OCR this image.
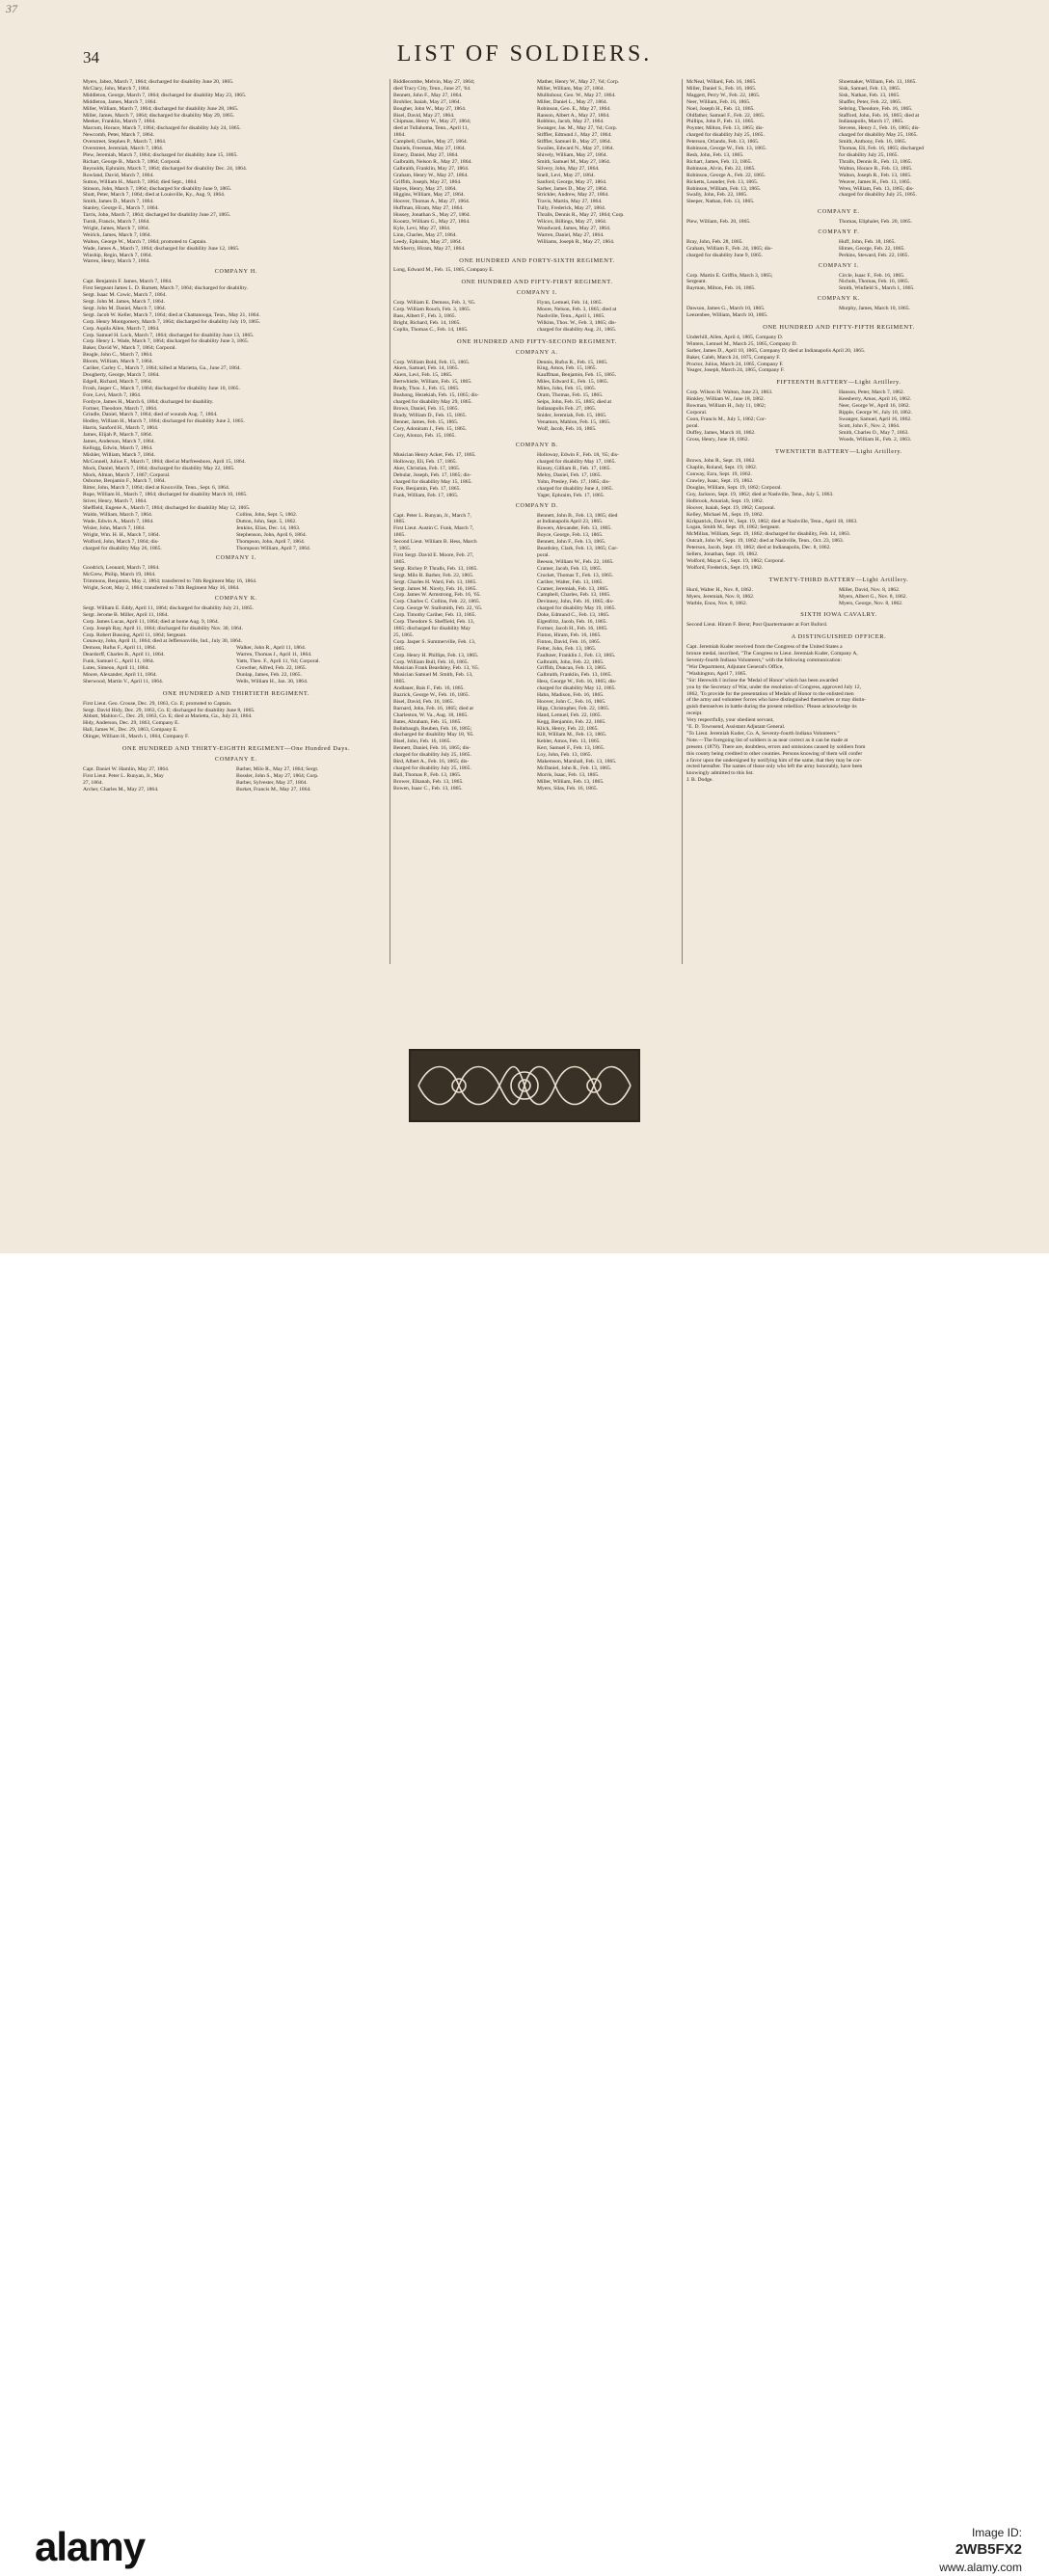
37
34	LIST OF SOLDIERS.

Myers, Jabez, March 7, 1864; discharged for disability June 20, 1865.

McClary, John, March 7, 1864.

Middleton, George, March 7, 1864; discharged for disability May 23, 1865.

Middleton, James, March 7, 1864.

Miller, William, March 7, 1864; discharged for disability June 28, 1865.

Miller, James, March 7, 1864; discharged for disability May 29, 1865.

Meeker, Franklin, March 7, 1864.

Marcum, Horace, March 7, 1864; discharged for disability July 24, 1865.

Newcomb, Peter, March 7, 1864.

Overstreet, Stephen P., March 7, 1864.

Overstreet, Jeremiah, March 7, 1864.

Plew, Jeremiah, March 7, 1864; discharged for disability June 15, 1865.

Richart, George B., March 7, 1864; Corporal.

Reynolds, Ephraim, March 7, 1864; discharged for disability Dec. 24, 1864.

Rowland, David, March 7, 1864.

Sutton, William H., March 7, 1864; died Sept., 1864.

Stinson, John, March 7, 1864; discharged for disability June 9, 1865.

Shutt, Peter, March 7, 1864; died at Louisville, Ky., Aug. 9, 1864.

Smith, James D., March 7, 1864.

Stanley, George E., March 7, 1864.

Tarris, John, March 7, 1864; discharged for disability June 27, 1865.

Turnh, Francis, March 7, 1864.

Wright, James, March 7, 1864.

Weirick, James, March 7, 1864.

Walton, George W., March 7, 1864; promoted to Captain.

Wade, James A., March 7, 1864; discharged for disability June 12, 1865.

Winship, Regin, March 7, 1864.

Warren, Henry, March 7, 1864.

COMPANY H.

Capt. Benjamin F. James, March 7, 1864.

First Sergeant James L. D. Barnett, March 7, 1864; discharged for disability.

Sergt. Isaac M. Cowic, March 7, 1864.

Sergt. John M. James, March 7, 1864.

Sergt. John M. Daniel, March 7, 1864.

Sergt. Jacob W. Keller, March 7, 1864; died at Chattanooga, Tenn., May 21, 1864.

Corp. Henry Montgomery, March 7, 1864; discharged for disability July 19, 1865.

Corp. Aquila Allen, March 7, 1864.

Corp. Samuel H. Lock, March 7, 1864; discharged for disability June 13, 1865.

Corp. Henry L. Wade, March 7, 1864; discharged for disability June 3, 1865.

Baker, David W., March 7, 1864; Corporal.

Beagle, John C., March 7, 1864.

Bloom, William, March 7, 1864.

Cariher, Carley C., March 7, 1864; killed at Marietta, Ga., June 27, 1864.

Dougherty, George, March 7, 1864.

Edgell, Richard, March 7, 1864.

Frosh, Jasper C., March 7, 1864; discharged for disability June 10, 1865.

Fore, Levi, March 7, 1864.

Fordyce, James H., March 6, 1864; discharged for disability.

Fortner, Theodore, March 7, 1864.

Grindle, Daniel, March 7, 1864; died of wounds Aug. 7, 1864.

Hodley, William H., March 7, 1864; discharged for disability June 2, 1865.

Harris, Sanford H., March 7, 1864.

James, Elijah P., March 7, 1864.

James, Anderson, March 7, 1864.

Kellogg, Edwin, March 7, 1864.

Mishler, William, March 7, 1864.

McConnell, Julius F., March 7, 1864; died at Murfreesboro, April 15, 1864.

Mock, Daniel, March 7, 1864; discharged for disability May 22, 1865.

Mock, Alman, March 7, 1867; Corporal.

Osborne, Benjamin F., March 7, 1864.

Ritter, John, March 7, 1864; died at Knoxville, Tenn., Sept. 6, 1864.

Rupe, William H., March 7, 1864; discharged for disability March 10, 1865.

Stiver, Henry, March 7, 1864.

Sheffield, Eugene A., March 7, 1864; discharged for disability May 12, 1865.

Waldo, William, March 7, 1864.	Collins, John, Sept. 5, 1862.

Wade, Edwin A., March 7, 1864.	Dutton, John, Sept. 5, 1862.

Wisler, John, March 7, 1864.	Jenkins, Elias, Dec. 14, 1863.

Wright, Wm. H. H., March 7, 1864.	Stephenson, John, April 6, 1864.

Wolford, John, March 7, 1864; dis-	Thompson, John, April 7, 1864.

charged for disability May 26, 1865.	Thompson William, April 7, 1864.

COMPANY I.

Goodrich, Leonard, March 7, 1864.

McGrew, Philip, March 19, 1864.

Trimmons, Benjamin, May 2, 1864; transferred to 74th Regiment May 16, 1864.

Wright, Scott, May 2, 1864; transferred to 74th Regiment May 16, 1864.

COMPANY K.

Sergt. William E. Eddy, April 11, 1864; discharged for disability July 21, 1865.

Sergt. Jerome B. Miller, April 11, 1864.

Corp. James Lucas, April 11, 1864; died at home Aug. 9, 1864.

Corp. Joseph Ray, April 11, 1864; discharged for disability Nov. 30, 1864.

Corp. Robert Bussing, April 11, 1864; Sergeant.

Conaway, John, April 11, 1864; died at Jeffersonville, Ind., July 30, 1864.

Demoss, Rufus F., April 11, 1864.	Walker, John R., April 11, 1864.

Deardorff, Charles B., April 11, 1864.	Warren, Thomas J., April 11, 1864.

Funk, Samuel C., April 11, 1864.	Yatts, Theo. F., April 11, '64; Corporal.

Lutes, Simeon, April 11, 1864.	Crowther, Alfred, Feb. 22, 1865.

Moore, Alexander, April 11, 1864.	Dunlap, James, Feb. 22, 1865.

Sherwood, Martin V., April 11, 1864.	Wells, William H., Jan. 30, 1864.

ONE HUNDRED AND THIRTIETH REGIMENT.

First Lieut. Geo. Crouse, Dec. 29, 1863, Co. E; promoted to Captain.

Sergt. David Hidy, Dec. 29, 1863, Co. E; discharged for disability June 8, 1865.

Abbott, Mahlon C., Dec. 29, 1863, Co. E; died at Marietta, Ga., July 23, 1864.

Hidy, Anderson, Dec. 29, 1863, Company E.

Hall, James W., Dec. 29, 1863, Company E.

Olinger, William H., March 1, 1864, Company F.

ONE HUNDRED AND THIRTY-EIGHTH REGIMENT—One Hundred Days.

COMPANY E.

Capt. Daniel W. Hamlin, May 27, 1864.	Barber, Milo R., May 27, 1864; Sergt.

First Lieut. Peter L. Runyan, Jr., May	Bossler, John S., May 27, 1864; Corp.

27, 1864.	Barber, Sylvester, May 27, 1864.

Archer, Charles M., May 27, 1864.	Burket, Francis M., May 27, 1864.

Biddlecombe, Melvin, May 27, 1864;	Mather, Henry W., May 27, '64; Corp.

died Tracy City, Tenn., June 27, '64.	Miller, William, May 27, 1864.

Bennett, John F., May 27, 1864.	Mullinhour, Geo. W., May 27, 1864.

Brohlier, Isaiah, May 27, 1864.	Miller, Daniel L., May 27, 1864.

Bougher, John W., May 27, 1864.	Robinson, Geo. E., May 27, 1864.

Bisel, David, May 27, 1864.	Ranson, Albert A., May 27, 1864.

Chipman, Henry W., May 27, 1864;	Robbins, Jacob, May 27, 1864.

died at Tullahoma, Tenn., April 11,	Swanger, Jas. M., May 27, '64; Corp.

1864.	Stiffler, Edmund J., May 27, 1864.

Campbell, Charles, May 27, 1864.	Stiffler, Samuel B., May 27, 1864.

Daniels, Freeman, May 27, 1864.	Swailes, Edward N., May 27, 1864.

Emery, Daniel, May 27, 1864.	Shively, William, May 27, 1864.

Galbraith, Nelson R., May 27, 1864.	Smith, Samuel M., May 27, 1864.

Galbraith, Franklin, May 27, 1864.	Silvery, John, May 27, 1864.

Graham, Henry W., May 27, 1864.	Snell, Levi, May 27, 1864.

Griffith, Joseph, May 27, 1864.	Sanford, George, May 27, 1864.

Hayes, Henry, May 27, 1864.	Sarber, James D., May 27, 1864.

Higgins, William, May 27, 1864.	Strickler, Andrew, May 27, 1864.

Hoover, Thomas A., May 27, 1864.	Travis, Martin, May 27, 1864.

Huffman, Hiram, May 27, 1864.	Tully, Frederick, May 27, 1864.

Hussey, Jonathan S., May 27, 1864.	Thralls, Dennis R., May 27, 1864; Corp.

Koontz, William G., May 27, 1864.	Wilcox, Billings, May 27, 1864.

Kyle, Levi, May 27, 1864.	Woodward, James, May 27, 1864.

Linn, Charles, May 27, 1864.	Warren, Daniel, May 27, 1864.

Leedy, Ephraim, May 27, 1864.	Williams, Joseph R., May 27, 1864.

McSherry, Hiram, May 27, 1864.

ONE HUNDRED AND FORTY-SIXTH REGIMENT.

Long, Edward M., Feb. 15, 1865, Company E.

ONE HUNDRED AND FIFTY-FIRST REGIMENT.

COMPANY I.

Corp. William E. Demoss, Feb. 3, '65.	Flynn, Lemuel, Feb. 14, 1865.

Corp. William Rouch, Feb. 3, 1865.	Moore, Nelson, Feb. 3, 1865; died at

Bass, Albert F., Feb. 3, 1865.	Nashville, Tenn., April 1, 1865.

Bright, Richard, Feb. 14, 1865.	Wilkins, Thos. W., Feb. 3, 1865; dis-

Coplin, Thomas C., Feb. 14, 1865.	charged for disability Aug. 21, 1865.

ONE HUNDRED AND FIFTY-SECOND REGIMENT.

COMPANY A.

Corp. William Bold, Feb. 15, 1865.	Dennis, Rufus R., Feb. 15, 1865.

Akers, Samuel, Feb. 14, 1865.	King, Amos, Feb. 15, 1865.

Akers, Levi, Feb. 15, 1865.	Kauffman, Benjamin, Feb. 15, 1865.

Bertwhistle, William, Feb. 15, 1865.	Miles, Edward E., Feb. 15, 1865.

Brady, Thos. J., Feb. 15, 1865.	Miles, John, Feb. 15, 1865.

Bushong, Hezekiah, Feb. 15, 1865; dis-	Oram, Thomas, Feb. 15, 1865.

charged for disability May 29, 1865.	Seips, John, Feb. 15, 1865; died at

Brown, Daniel, Feb. 15, 1865.	Indianapolis Feb. 27, 1865.

Brady, William D., Feb. 15, 1865.	Snider, Jeremiah, Feb. 15, 1865.

Benner, James, Feb. 15, 1865.	Venamon, Mahlon, Feb. 15, 1865.

Cory, Adoniram J., Feb. 15, 1865.	Wolf, Jacob, Feb. 16, 1865.

Cory, Alonzo, Feb. 15, 1865.

COMPANY B.

Musician Henry Acker, Feb. 17, 1865.	Holloway, Edwin F., Feb. 18, '65; dis-

Holloway, Eli, Feb. 17, 1865.	charged for disability May 17, 1865.

Aker, Christian, Feb. 17, 1865.	Kinsey, Gilliam R., Feb. 17, 1865.

Debular, Joseph, Feb. 17, 1865; dis-	Meloy, Daniel, Feb. 17, 1865.

charged for disability May 15, 1865.	Yohn, Presley, Feb. 17, 1865; dis-

Fore, Benjamin, Feb. 17, 1865.	charged for disability June 4, 1865.

Funk, William, Feb. 17, 1865.	Yager, Ephraim, Feb. 17, 1865.

COMPANY D.

Capt. Peter L. Runyan, Jr., March 7,	Bennett, John B., Feb. 13, 1865; died

1865.	at Indianapolis April 23, 1865.

First Lieut. Austin C. Funk, March 7,	Bowers, Alexander, Feb. 13, 1865.

1865.	Boyce, George, Feb. 13, 1865.

Second Lieut. William B. Hess, March	Bennett, John F., Feb. 13, 1865.

7, 1865.	Beardsley, Clark, Feb. 13, 1865; Cor-

First Sergt. David E. Moore, Feb. 27,	poral.

1865.	Beeson, William W., Feb. 22, 1865.

Sergt. Richey P. Thralls, Feb. 13, 1865.	Cramer, Jacob, Feb. 13, 1865.

Sergt. Milo R. Barber, Feb. 22, 1865.	Crocket, Thomas T., Feb. 13, 1865.

Sergt. Charles H. Ward, Feb. 13, 1865.	Cariher, Walter, Feb. 13, 1865.

Sergt. James M. Nicely, Feb. 16, 1865.	Cramer, Jeremiah, Feb. 13, 1865.

Corp. James W. Armstrong, Feb. 16, '65.	Campbell, Charles, Feb. 13, 1865.

Corp. Charles C. Collins, Feb. 22, 1865.	Devinney, John, Feb. 16, 1865; dis-

Corp. George W. Stallsmith, Feb. 22, '65.	charged for disability May 19, 1865.

Corp. Timothy Cariher, Feb. 13, 1865.	Doke, Edmund C., Feb. 13, 1865.

Corp. Theodore S. Sheffield, Feb. 13,	Elgenfritz, Jacob, Feb. 16, 1865.

1865; discharged for disability May	Fortner, Jacob H., Feb. 16, 1865.

25, 1865.	Finton, Hiram, Feb. 16, 1865.

Corp. Jasper S. Summerville, Feb. 13,	Finton, David, Feb. 16, 1865.

1865.	Felter, John, Feb. 13, 1865.

Corp. Henry H. Phillips, Feb. 13, 1865.	Faulkner, Franklin J., Feb. 13, 1865.

Corp. William Bull, Feb. 16, 1865.	Galbraith, John, Feb. 22, 1865.

Musician Frank Beardsley, Feb. 13, '65.	Griffith, Duncan, Feb. 13, 1865.

Musician Samuel M. Smith, Feb. 13,	Galbraith, Franklin, Feb. 13, 1865.

1865.	Hess, George W., Feb. 16, 1865; dis-

Andlauer, Bais F., Feb. 16, 1865.	charged for disability May 12, 1865.

Bazrick, George W., Feb. 16, 1865.	Hahn, Madison, Feb. 16, 1865.

Bisel, David, Feb. 16, 1865.	Hoover, John C., Feb. 16, 1865.

Barnard, John, Feb. 16, 1865; died at	Hipp, Christopher, Feb. 22, 1865.

Charleston, W. Va., Aug. 18, 1865.	Hand, Lemuel, Feb. 22, 1865.

Bates, Abraham, Feb. 15, 1865.	Kegg, Benjamin, Feb. 22, 1865.

Bolinbaugh, Reuben, Feb. 16, 1865;	Klick, Henry, Feb. 22, 1865.

discharged for disability May 18, '65.	Kill, William M., Feb. 13, 1865.

Bisel, John, Feb. 16, 1865.	Kebler, Amos, Feb. 13, 1865.

Bennett, Daniel, Feb. 16, 1865; dis-	Kerr, Samuel F., Feb. 13, 1865.

charged for disability July 25, 1865.	Loy, John, Feb. 13, 1865.

Bird, Albert A., Feb. 16, 1865; dis-	Makemson, Marshall, Feb. 13, 1865.

charged for disability July 25, 1865.	McDaniel, John R., Feb. 13, 1865.

Ball, Thomas P., Feb. 13, 1865.	Morris, Isaac, Feb. 13, 1865.

Brower, Elkanah, Feb. 13, 1865.	Miller, William, Feb. 13, 1865.

Bowen, Isaac C., Feb. 13, 1865.	Myers, Silas, Feb. 16, 1865.

McNeal, Willard, Feb. 16, 1865.	Shoemaker, William, Feb. 13, 1865.

Miller, Daniel S., Feb. 16, 1865.	Sisk, Samuel, Feb. 13, 1865.

Maggert, Perry W., Feb. 22, 1865.	Sisk, Nathan, Feb. 13, 1865.

Neer, William, Feb. 16, 1865.	Shaffer, Peter, Feb. 22, 1865.

Noel, Joseph H., Feb. 13, 1865.	Sebring, Theodore, Feb. 16, 1865.

Oldfather, Samuel F., Feb. 22, 1865.	Stafford, John, Feb. 16, 1865; died at

Phillips, John P., Feb. 13, 1865.	Indianapolis, March 17, 1865.

Poynter, Milton, Feb. 13, 1865; dis-	Stevens, Henry J., Feb. 16, 1865; dis-

charged for disability July 25, 1865.	charged for disability May 25, 1865.

Peterson, Orlando, Feb. 13, 1865.	Smith, Anthony, Feb. 16, 1865.

Robinson, George W., Feb. 13, 1865.	Thomas, Eli, Feb. 16, 1865; discharged

Resh, John, Feb. 13, 1865.	for disability July 25, 1865.

Richart, James, Feb. 13, 1865.	Thralls, Dennis R., Feb. 13, 1865.

Robinson, Alvin, Feb. 22, 1865.	Walton, Horace B., Feb. 13, 1865.

Robinson, George A., Feb. 22, 1865.	Walton, Joseph R., Feb. 13, 1865.

Ricketts, Leander, Feb. 13, 1865.	Weaver, James H., Feb. 13, 1865.

Robinson, William, Feb. 13, 1865.	Wren, William, Feb. 13, 1865; dis-

Swally, John, Feb. 22, 1865.	charged for disability July 25, 1865.

Sleeper, Nathan, Feb. 13, 1865.

COMPANY E.

Plew, William, Feb. 20, 1865.	Thomas, Eliphalet, Feb. 20, 1865.

COMPANY F.

Bray, John, Feb. 28, 1865.	Huff, John, Feb. 18, 1865.

Graham, William F., Feb. 24, 1865; dis-	Himes, George, Feb. 22, 1865.

charged for disability June 9, 1865.	Perkins, Steward, Feb. 22, 1865.

COMPANY I.

Corp. Martin E. Griffin, March 3, 1865;	Circle, Isaac F., Feb. 16, 1865.

Sergeant.	Nichols, Thomas, Feb. 16, 1865.

Bayman, Milton, Feb. 16, 1865.	Smith, Winfield S., March 1, 1865.

COMPANY K.

Dawson, James G., March 10, 1865.	Murphy, James, March 10, 1865.

Leezenbee, William, March 10, 1865.

ONE HUNDRED AND FIFTY-FIFTH REGIMENT.

Underhill, Allen, April 4, 1865, Company D.

Winters, Lemuel M., March 25, 1865, Company D.

Sarber, James D., April 10, 1865, Company D; died at Indianapolis April 20, 1865.

Baker, Caleb, March 24, 1875, Company F.

Proctor, Julius, March 24, 1865, Company F.

Yeager, Joseph, March 24, 1865, Company F.

FIFTEENTH BATTERY—Light Artillery.

Corp. Wilson H. Walton, June 23, 1863.	Hanson, Peter, March 7, 1862.

Binkley, William W., June 18, 1862.	Keesberry, Amos, April 16, 1862.

Bowman, William H., July 11, 1862;	Neer, George W., April 16, 1862.

Corporal.	Ripple, George W., July 10, 1862.

Coon, Francis M., July 5, 1862; Cor-	Swanger, Samuel, April 16, 1862.

poral.	Scott, John F., Nov. 2, 1864.

Duffey, James, March 10, 1862.	Smith, Charles O., May 7, 1863.

Gross, Henry, June 18, 1862.	Woods, William H., Feb. 2, 1863.

TWENTIETH BATTERY—Light Artillery.

Brown, John R., Sept. 19, 1862.

Chaplin, Roland, Sept. 19, 1862.

Conway, Ezra, Sept. 19, 1862.

Crawley, Isaac, Sept. 19, 1862.

Douglas, William, Sept. 19, 1862; Corporal.

Guy, Jackson, Sept. 19, 1862; died at Nashville, Tenn., July 5, 1863.

Holbrook, Amariah, Sept. 19, 1862.

Hoover, Isaiah, Sept. 19, 1862; Corporal.

Kelley, Michael M., Sept. 19, 1862.

Kirkpatrick, David W., Sept. 19, 1862; died at Nashville, Tenn., April 18, 1863.

Logan, Smith M., Sept. 19, 1862; Sergeant.

McMillan, William, Sept. 19, 1862; discharged for disability, Feb. 14, 1863.

Outcalt, John W., Sept. 19, 1862; died at Nashville, Tenn., Oct. 23, 1863.

Peterson, Jacob, Sept. 19, 1862; died at Indianapolis, Dec. 8, 1862.

Sellers, Jonathan, Sept. 19, 1862.

Wolford, Mayar G., Sept. 19, 1862; Corporal.

Wolford, Frederick, Sept. 19, 1862.

TWENTY-THIRD BATTERY—Light Artillery.

Hurd, Walter H., Nov. 8, 1862.	Miller, David, Nov. 8, 1862.

Myers, Jeremiah, Nov. 8, 1862.	Myers, Albert G., Nov. 8, 1862.

Warble, Enos, Nov. 8, 1862.	Myers, George, Nov. 8, 1862.

SIXTH IOWA CAVALRY.

Second Lieut. Hiram F. Berst; Post Quartermaster at Fort Buford.

A DISTINGUISHED OFFICER.

Capt. Jeremiah Kuder received from the Congress of the United States a

bronze medal, inscribed, "The Congress to Lieut. Jeremiah Kuder, Company A,

Seventy-fourth Indiana Volunteers," with the following communication:

"War Department, Adjutant General's Office,

"Washington, April 7, 1865.

"Sir: Herewith I inclose the 'Medal of Honor' which has been awarded

you by the Secretary of War, under the resolution of Congress, approved July 12,

1862, 'To provide for the presentation of Medals of Honor to the enlisted men

of the army and volunteer forces who have distinguished themselves or may distin-

guish themselves in battle during the present rebellion.' Please acknowledge its

receipt.

Very respectfully, your obedient servant,

"E. D. Townsend, Assistant Adjutant General.

"To Lieut. Jeremiah Kuder, Co. A, Seventy-fourth Indiana Volunteers."

Note.—The foregoing list of soldiers is as near correct as it can be made at

present. (1879). There are, doubtless, errors and omissions caused by soldiers from

this county being credited to other counties. Persons knowing of them will confer

a favor upon the undersigned by notifying him of the same, that they may be cor-

rected hereafter. The names of those only who left the army honorably, have been

knowingly admitted to this list.

J. B. Dodge.

alamy	Image ID:
2WB5FX2
www.alamy.com
